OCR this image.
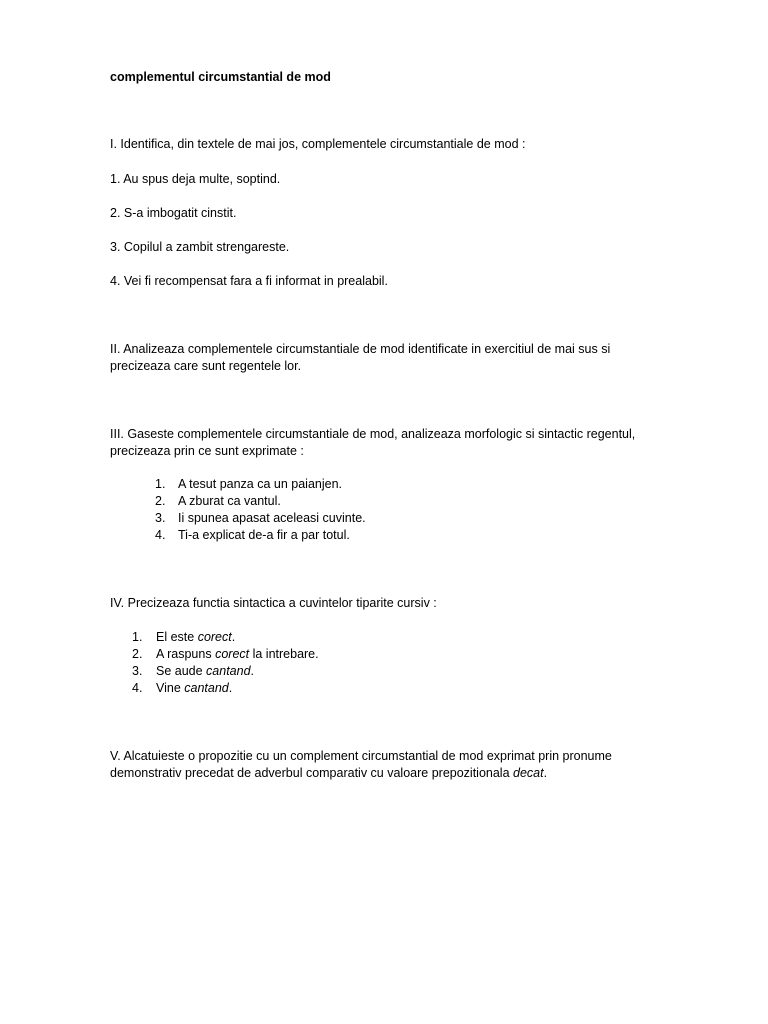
complementul circumstantial de mod
I. Identifica, din textele de mai jos, complementele circumstantiale de mod :
1. Au spus deja multe, soptind.
2. S-a imbogatit cinstit.
3. Copilul a zambit strengareste.
4. Vei fi recompensat fara a fi informat in prealabil.
II. Analizeaza complementele circumstantiale de mod identificate in exercitiul de mai sus si
precizeaza care sunt regentele lor.
III. Gaseste complementele circumstantiale de mod, analizeaza morfologic si sintactic regentul,
precizeaza prin ce sunt exprimate :
1. A tesut panza ca un paianjen.
2. A zburat ca vantul.
3. Ii spunea apasat aceleasi cuvinte.
4. Ti-a explicat de-a fir a par totul.
IV. Precizeaza functia sintactica a cuvintelor tiparite cursiv :
1. El este corect.
2. A raspuns corect la intrebare.
3. Se aude cantand.
4. Vine cantand.
V. Alcatuieste o propozitie cu un complement circumstantial de mod exprimat prin pronume
demonstrativ precedat de adverbul comparativ cu valoare prepozitionala decat.
